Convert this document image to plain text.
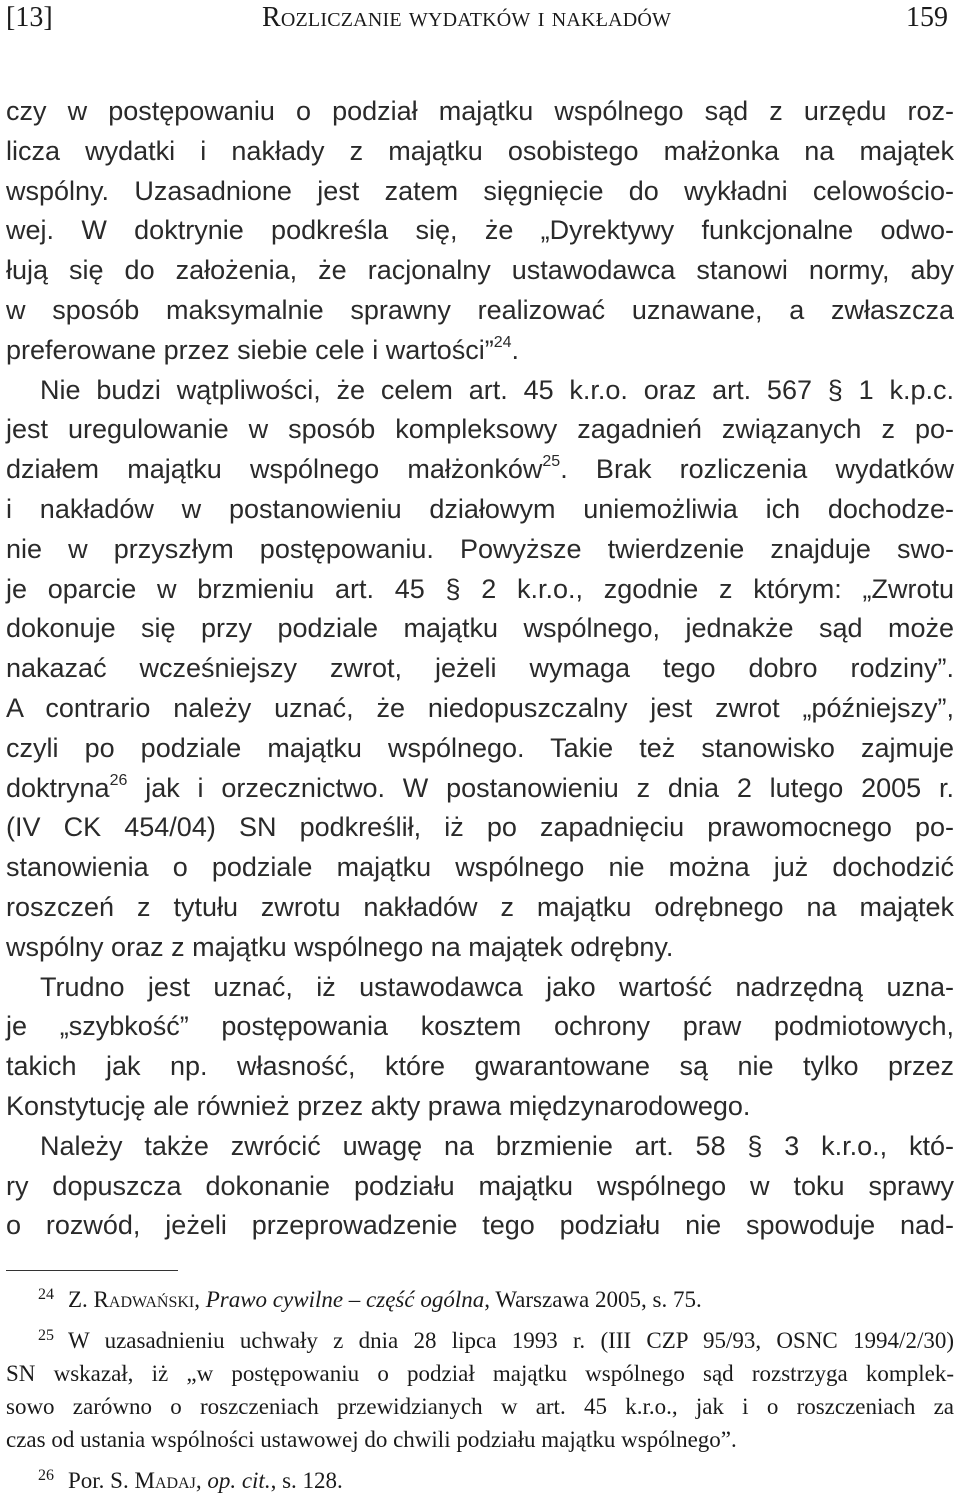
[13]	Rozliczanie wydatków i nakładów	159
czy w postępowaniu o podział majątku wspólnego sąd z urzędu roz-
licza wydatki i nakłady z majątku osobistego małżonka na majątek
wspólny. Uzasadnione jest zatem sięgnięcie do wykładni celowościo-
wej. W doktrynie podkreśla się, że „Dyrektywy funkcjonalne odwo-
łują się do założenia, że racjonalny ustawodawca stanowi normy, aby
w sposób maksymalnie sprawny realizować uznawane, a zwłaszcza
preferowane przez siebie cele i wartości”$^{24}$.
Nie budzi wątpliwości, że celem art. 45 k.r.o. oraz art. 567 § 1 k.p.c.
jest uregulowanie w sposób kompleksowy zagadnień związanych z po-
działem majątku wspólnego małżonków$^{25}$. Brak rozliczenia wydatków
i nakładów w postanowieniu działowym uniemożliwia ich dochodze-
nie w przyszłym postępowaniu. Powyższe twierdzenie znajduje swo-
je oparcie w brzmieniu art. 45 § 2 k.r.o., zgodnie z którym: „Zwrotu
dokonuje się przy podziale majątku wspólnego, jednakże sąd może
nakazać wcześniejszy zwrot, jeżeli wymaga tego dobro rodziny”.
A contrario należy uznać, że niedopuszczalny jest zwrot „późniejszy”,
czyli po podziale majątku wspólnego. Takie też stanowisko zajmuje
doktryna$^{26}$ jak i orzecznictwo. W postanowieniu z dnia 2 lutego 2005 r.
(IV CK 454/04) SN podkreślił, iż po zapadnięciu prawomocnego po-
stanowienia o podziale majątku wspólnego nie można już dochodzić
roszczeń z tytułu zwrotu nakładów z majątku odrębnego na majątek
wspólny oraz z majątku wspólnego na majątek odrębny.
Trudno jest uznać, iż ustawodawca jako wartość nadrzędną uzna-
je „szybkość” postępowania kosztem ochrony praw podmiotowych,
takich jak np. własność, które gwarantowane są nie tylko przez
Konstytucję ale również przez akty prawa międzynarodowego.
Należy także zwrócić uwagę na brzmienie art. 58 § 3 k.r.o., któ-
ry dopuszcza dokonanie podziału majątku wspólnego w toku sprawy
o rozwód, jeżeli przeprowadzenie tego podziału nie spowoduje nad-
$^{24}$ Z. Radwański, Prawo cywilne – część ogólna, Warszawa 2005, s. 75.
$^{25}$ W uzasadnieniu uchwały z dnia 28 lipca 1993 r. (III CZP 95/93, OSNC 1994/2/30)
SN wskazał, iż „w postępowaniu o podział majątku wspólnego sąd rozstrzyga komplek-
sowo zarówno o roszczeniach przewidzianych w art. 45 k.r.o., jak i o roszczeniach za
czas od ustania wspólności ustawowej do chwili podziału majątku wspólnego”.
$^{26}$ Por. S. Madaj, op. cit., s. 128.
